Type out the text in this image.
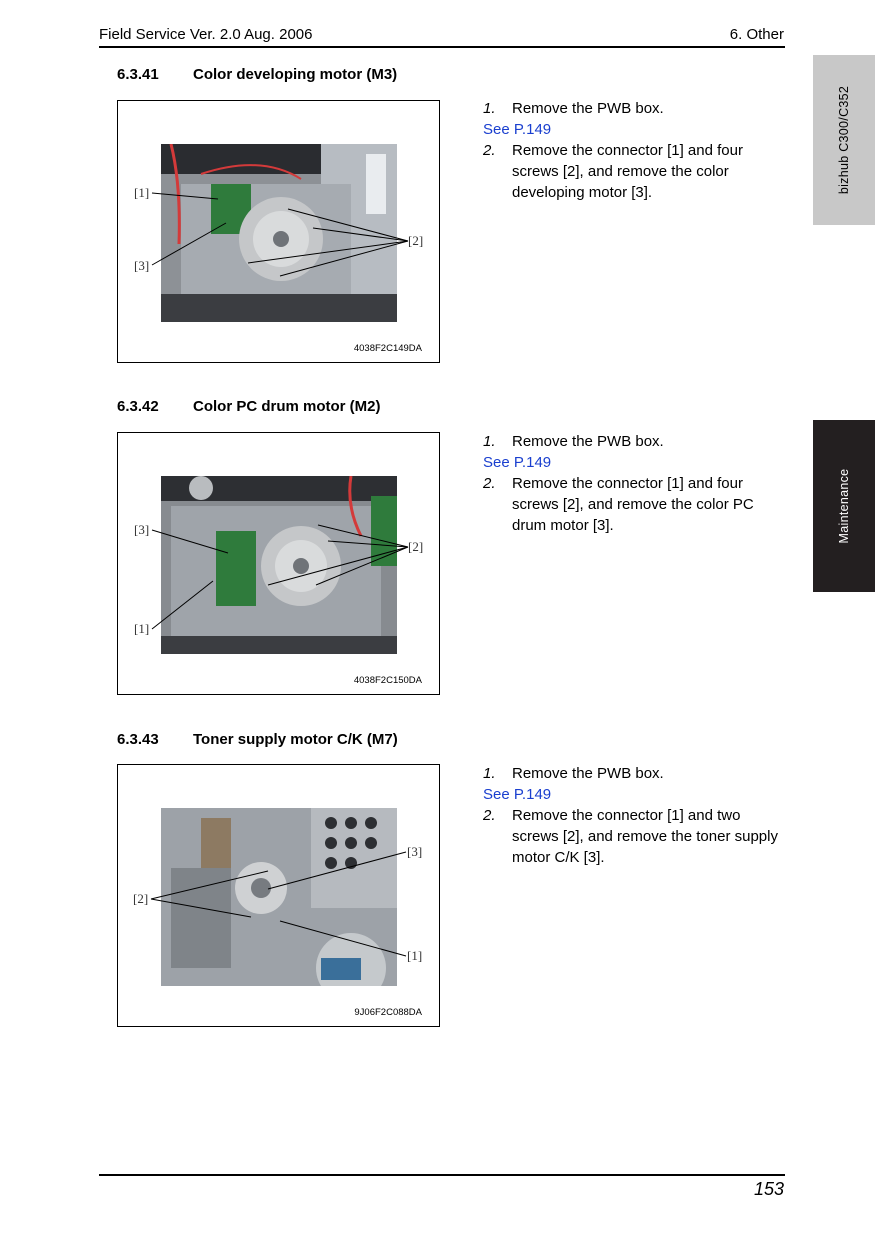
Field Service Ver. 2.0 Aug. 2006	6. Other
bizhub C300/C352
Maintenance
6.3.41 Color developing motor (M3)
[1]
[2]
[3]
4038F2C149DA
1. Remove the PWB box.
See P.149
2. Remove the connector [1] and four screws [2], and remove the color developing motor [3].
6.3.42 Color PC drum motor (M2)
[3]
[2]
[1]
4038F2C150DA
1. Remove the PWB box.
See P.149
2. Remove the connector [1] and four screws [2], and remove the color PC drum motor [3].
6.3.43 Toner supply motor C/K (M7)
[3]
[2]
[1]
9J06F2C088DA
1. Remove the PWB box.
See P.149
2. Remove the connector [1] and two screws [2], and remove the toner supply motor C/K [3].
153
